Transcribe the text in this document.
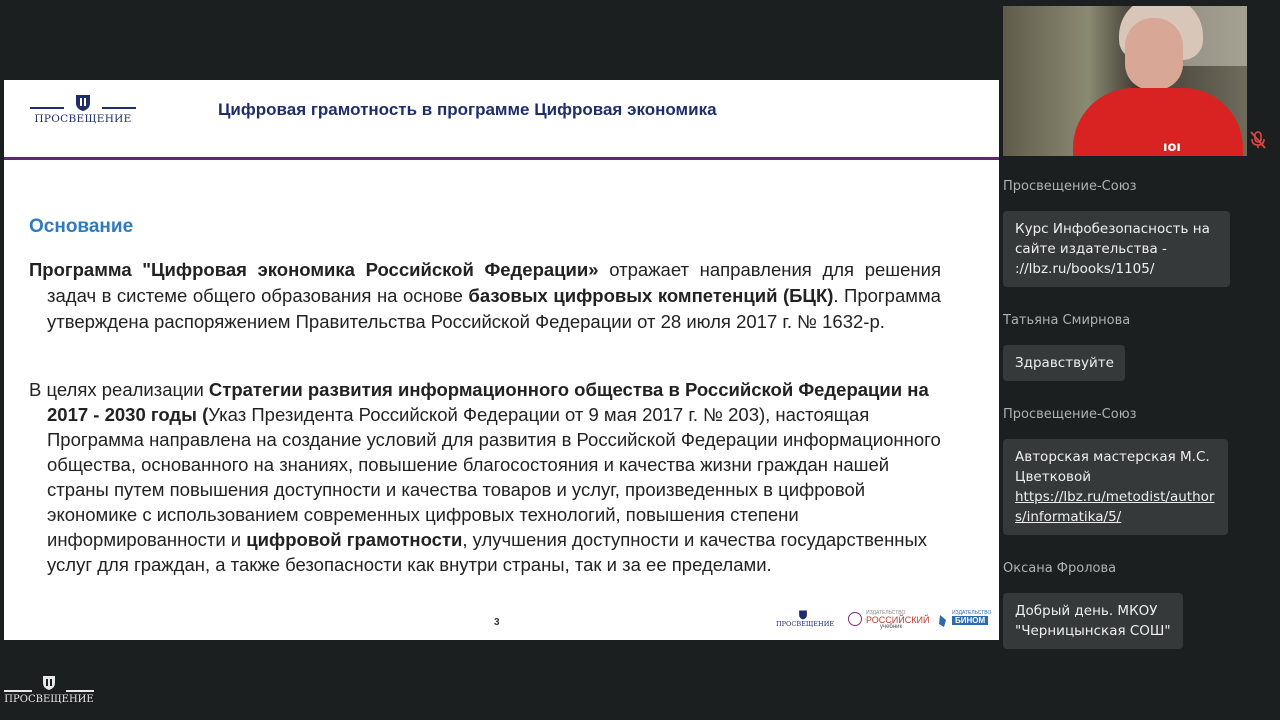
ПРОСВЕЩЕНИЕ	Цифровая грамотность в программе Цифровая экономика
Основание

Программа "Цифровая экономика Российской Федерации» отражает направления для решения задач в системе общего образования на основе базовых цифровых компетенций (БЦК). Программа утверждена распоряжением Правительства Российской Федерации от 28 июля 2017 г. № 1632-р.

В целях реализации Стратегии развития информационного общества в Российской Федерации на 2017 - 2030 годы (Указ Президента Российской Федерации от 9 мая 2017 г. № 203), настоящая Программа направлена на создание условий для развития в Российской Федерации информационного общества, основанного на знаниях, повышение благосостояния и качества жизни граждан нашей страны путем повышения доступности и качества товаров и услуг, произведенных в цифровой экономике с использованием современных цифровых технологий, повышения степени информированности и цифровой грамотности, улучшения доступности и качества государственных услуг для граждан, а также безопасности как внутри страны, так и за ее пределами.

3	ПРОСВЕЩЕНИЕ
ИЗДАТЕЛЬСТВО
РОССИЙСКИЙ
учебник
ИЗДАТЕЛЬСТВО
БИНОМ
ıoı
Просвещение-Союз
Курс Инфобезопасность на
сайте издательства -
://lbz.ru/books/1105/
Татьяна Смирнова
Здравствуйте
Просвещение-Союз
Авторская мастерская М.С.
Цветковой
https://lbz.ru/metodist/author
s/informatika/5/
Оксана Фролова
Добрый день. МКОУ
"Черницынская СОШ"
ПРОСВЕЩЕНИЕ
